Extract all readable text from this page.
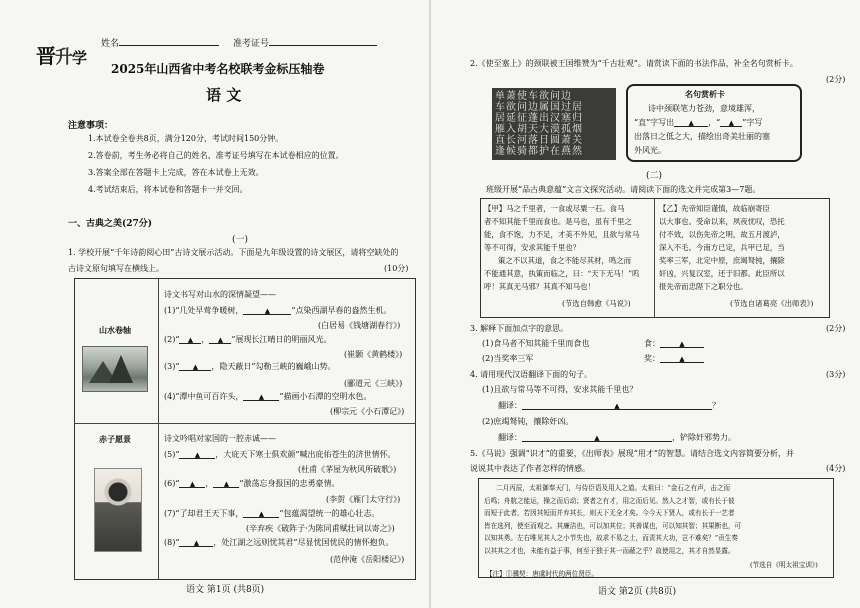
晋升学
姓名	准考证号
2025年山西省中考名校联考金标压轴卷
语 文
注意事项：
1.本试卷全卷共8页，满分120分，考试时间150分钟。
2.答卷前，考生务必将自己的姓名、准考证号填写在本试卷相应的位置。
3.答案全部在答题卡上完成，答在本试卷上无效。
4.考试结束后，将本试卷和答题卡一并交回。
一、古典之美(27分)
(一)
1. 学校开展“千年诗韵阅心田”古诗文展示活动。下面是九年级设置的诗文展区，请将空缺处的
古诗文原句填写在横线上。	(10分)
山水卷轴
诗文书写对山水的深情凝望——
(1)“几处早莺争暖树，	▲	”点染西湖早春的盎然生机。
(白居易《钱塘湖春行》)
(2)“ ▲ ， ▲ ”展现长江晴日的明丽风光。
(崔颢《黄鹤楼》)
(3)“ ▲ ，隐天蔽日”勾勒三峡的巍峨山势。
(郦道元《三峡》)
(4)“潭中鱼可百许头， ▲ ”描画小石潭的空明水色。
(柳宗元《小石潭记》)
赤子愿景	诗文吟唱对家国的一腔赤诚——
(5)“ ▲ ，大庇天下寒士俱欢颜”喊出庇佑苍生的济世情怀。
(杜甫《茅屋为秋风所破歌》)
(6)“ ▲ ， ▲ ”激荡忘身报国的忠勇豪情。
(李贺《雁门太守行》)
(7)“了却君王天下事， ▲ ”包蕴渴望统一的雄心壮志。
(辛弃疾《破阵子·为陈同甫赋壮词以寄之》)
(8)“ ▲ ，处江湖之远则忧其君”尽显忧国忧民的情怀抱负。
(范仲淹《岳阳楼记》)
语文 第1页 (共8页)
2.《使至塞上》的颈联被王国维赞为“千古壮观”。请赏读下面的书法作品，补全名句赏析卡。
(2分)
单萧使车欲问边
车欲问边属国过居
居延征蓬出汉塞归
雁入胡天大漠孤烟
直长河落日圆萧关
逢候骑都护在燕然
名句赏析卡
诗中颈联笔力苍劲，意境雄浑，
“直”字写出 ▲ ，“ ▲ ”字写
出落日之低之大，描绘出奇美壮丽的塞
外风光。
(二)
班级开展“品古典意蕴”文言文探究活动。请阅读下面的选文并完成第3—7题。
【甲】马之千里者，一食或尽粟一石。食马
者不知其能千里而食也。是马也，虽有千里之
能，食不饱，力不足，才美不外见，且欲与常马
等不可得，安求其能千里也？
策之不以其道，食之不能尽其材，鸣之而
不能通其意，执策而临之，曰：“天下无马！”呜
呼！其真无马邪？其真不知马也！
(节选自韩愈《马说》)
【乙】先帝知臣谨慎，故临崩寄臣
以大事也。受命以来，夙夜忧叹，恐托
付不效，以伤先帝之明，故五月渡泸，
深入不毛。今南方已定，兵甲已足，当
奖率三军，北定中原，庶竭驽钝，攘除
奸凶，兴复汉室，还于旧都。此臣所以
报先帝而忠陛下之职分也。
(节选自诸葛亮《出师表》)
3. 解释下面加点字的意思。	(2分)
(1)食马者不知其能千里而食也	食：	▲
(2)当奖率三军	奖：	▲
4. 请用现代汉语翻译下面的句子。	(3分)
(1)且欲与常马等不可得，安求其能千里也？
翻译：	▲	？
(2)庶竭驽钝，攘除奸凶。
翻译：	▲	，铲除奸邪势力。
5.《马说》强调“识才”的重要，《出师表》展现“用才”的智慧。请结合选文内容简要分析，并
说说其中表达了作者怎样的情感。	(4分)
二月丙辰，太祖御奉天门，与侍臣语及用人之道。太祖曰：“金石之有声，击之而
后鸣；舟航之能运，操之而后动；贤者之有才，用之而后见。然人之才智，或有长于彼
而短于此者，若因其短而并弃其长，则天下无全才矣。今今天下贤人，或有长于一艺者
皆在选列，使至而观之。其廉洁也，可以加其位；其善谋也，可以知其智；其果断也，可
以知其勇。左右唯见其人之小节失也，故求不易之士，而责其大功，岂不难矣？”贡生奏
以其其之才也，未能有益于事，何至于独于其一而蔽之乎？故使用之，其才自然显露。
(节选自《明太祖宝训》)
【注】①骥契：唐虞时代的两位贤臣。
语文 第2页 (共8页)
